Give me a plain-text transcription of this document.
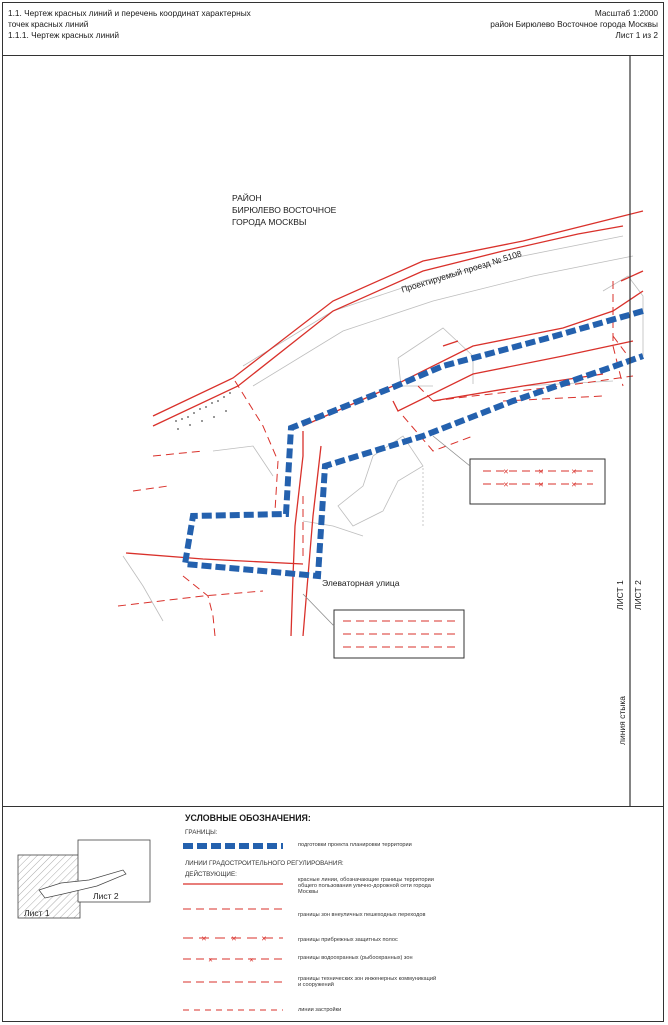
1.1. Чертеж красных линий и перечень координат характерных
точек красных линий
1.1.1. Чертеж красных линий
Масштаб 1:2000
район Бирюлево Восточное города Москвы
Лист 1 из 2
✕	✕	✕
✕	✕	✕
РАЙОН
БИРЮЛЕВО ВОСТОЧНОЕ
ГОРОДА МОСКВЫ
Проектируемый проезд № 5108
Элеваторная улица	ЛИСТ 1 ЛИСТ 2
линия стыка
Лист 1
Лист 2
УСЛОВНЫЕ ОБОЗНАЧЕНИЯ:
ГРАНИЦЫ:
✕	✕	✕
✕	✕
подготовки проекта планировки территории
ЛИНИИ ГРАДОСТРОИТЕЛЬНОГО РЕГУЛИРОВАНИЯ:
ДЕЙСТВУЮЩИЕ:
красные линии, обозначающие границы территории общего пользования улично-дорожной сети города Москвы
границы зон внеуличных пешеходных переходов
границы прибрежных защитных полос
границы водоохранных (рыбоохранных) зон
границы технических зон инженерных коммуникаций и сооружений
линии застройки
